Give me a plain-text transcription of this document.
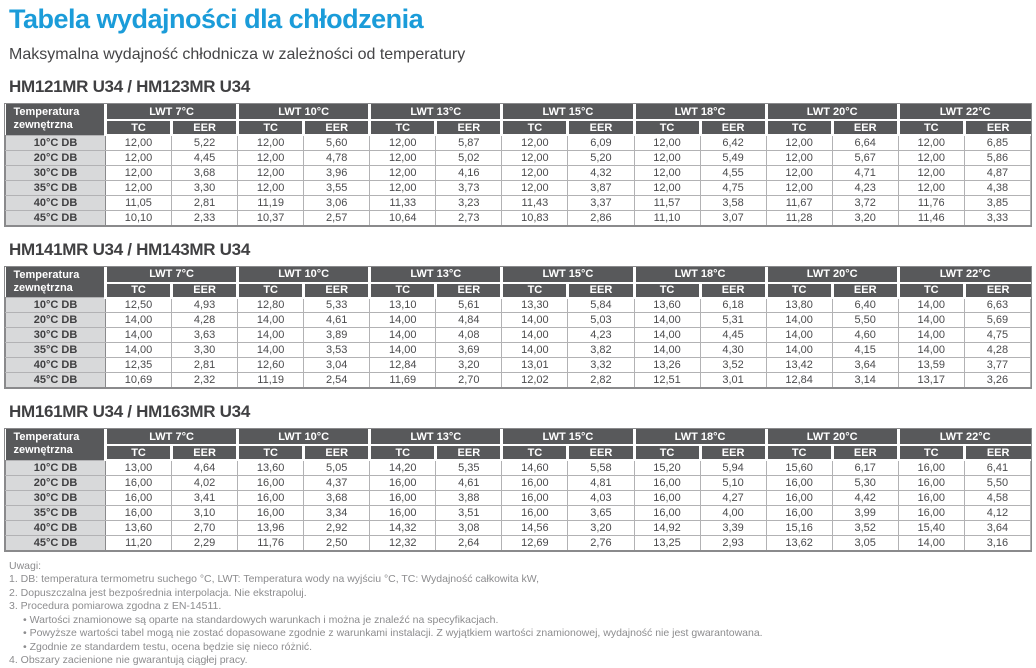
Tabela wydajności dla chłodzenia

Maksymalna wydajność chłodnicza w zależności od temperatury

HM121MR U34 / HM123MR U34
Temperatura
zewnętrzna	LWT 7°C		LWT 10°C		LWT 13°C		LWT 15°C		LWT 18°C		LWT 20°C		LWT 22°C	
	TC	EER	TC	EER	TC	EER	TC	EER	TC	EER	TC	EER	TC	EER
10°C DB	12,00	5,22	12,00	5,60	12,00	5,87	12,00	6,09	12,00	6,42	12,00	6,64	12,00	6,85
20°C DB	12,00	4,45	12,00	4,78	12,00	5,02	12,00	5,20	12,00	5,49	12,00	5,67	12,00	5,86
30°C DB	12,00	3,68	12,00	3,96	12,00	4,16	12,00	4,32	12,00	4,55	12,00	4,71	12,00	4,87
35°C DB	12,00	3,30	12,00	3,55	12,00	3,73	12,00	3,87	12,00	4,75	12,00	4,23	12,00	4,38
40°C DB	11,05	2,81	11,19	3,06	11,33	3,23	11,43	3,37	11,57	3,58	11,67	3,72	11,76	3,85
45°C DB	10,10	2,33	10,37	2,57	10,64	2,73	10,83	2,86	11,10	3,07	11,28	3,20	11,46	3,33
HM141MR U34 / HM143MR U34
Temperatura
zewnętrzna	LWT 7°C		LWT 10°C		LWT 13°C		LWT 15°C		LWT 18°C		LWT 20°C		LWT 22°C	
	TC	EER	TC	EER	TC	EER	TC	EER	TC	EER	TC	EER	TC	EER
10°C DB	12,50	4,93	12,80	5,33	13,10	5,61	13,30	5,84	13,60	6,18	13,80	6,40	14,00	6,63
20°C DB	14,00	4,28	14,00	4,61	14,00	4,84	14,00	5,03	14,00	5,31	14,00	5,50	14,00	5,69
30°C DB	14,00	3,63	14,00	3,89	14,00	4,08	14,00	4,23	14,00	4,45	14,00	4,60	14,00	4,75
35°C DB	14,00	3,30	14,00	3,53	14,00	3,69	14,00	3,82	14,00	4,30	14,00	4,15	14,00	4,28
40°C DB	12,35	2,81	12,60	3,04	12,84	3,20	13,01	3,32	13,26	3,52	13,42	3,64	13,59	3,77
45°C DB	10,69	2,32	11,19	2,54	11,69	2,70	12,02	2,82	12,51	3,01	12,84	3,14	13,17	3,26
HM161MR U34 / HM163MR U34
Temperatura
zewnętrzna	LWT 7°C		LWT 10°C		LWT 13°C		LWT 15°C		LWT 18°C		LWT 20°C		LWT 22°C	
	TC	EER	TC	EER	TC	EER	TC	EER	TC	EER	TC	EER	TC	EER
10°C DB	13,00	4,64	13,60	5,05	14,20	5,35	14,60	5,58	15,20	5,94	15,60	6,17	16,00	6,41
20°C DB	16,00	4,02	16,00	4,37	16,00	4,61	16,00	4,81	16,00	5,10	16,00	5,30	16,00	5,50
30°C DB	16,00	3,41	16,00	3,68	16,00	3,88	16,00	4,03	16,00	4,27	16,00	4,42	16,00	4,58
35°C DB	16,00	3,10	16,00	3,34	16,00	3,51	16,00	3,65	16,00	4,00	16,00	3,99	16,00	4,12
40°C DB	13,60	2,70	13,96	2,92	14,32	3,08	14,56	3,20	14,92	3,39	15,16	3,52	15,40	3,64
45°C DB	11,20	2,29	11,76	2,50	12,32	2,64	12,69	2,76	13,25	2,93	13,62	3,05	14,00	3,16
Uwagi:
1. DB: temperatura termometru suchego °C, LWT: Temperatura wody na wyjściu °C, TC: Wydajność całkowita kW,
2. Dopuszczalna jest bezpośrednia interpolacja. Nie ekstrapoluj.
3. Procedura pomiarowa zgodna z EN-14511.
• Wartości znamionowe są oparte na standardowych warunkach i można je znaleźć na specyfikacjach.
• Powyższe wartości tabel mogą nie zostać dopasowane zgodnie z warunkami instalacji. Z wyjątkiem wartości znamionowej, wydajność nie jest gwarantowana.
• Zgodnie ze standardem testu, ocena będzie się nieco różnić.
4. Obszary zacienione nie gwarantują ciągłej pracy.
